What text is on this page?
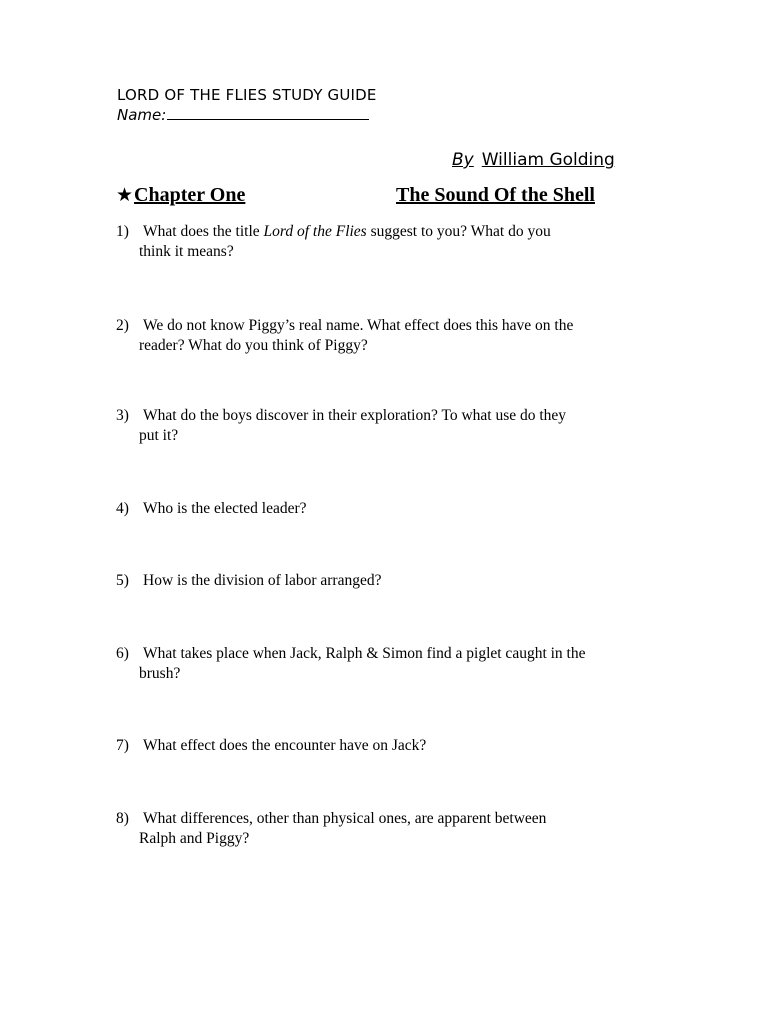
LORD OF THE FLIES STUDY GUIDE
Name:
By William Golding
★Chapter One	The Sound Of the Shell
1) What does the title Lord of the Flies suggest to you? What do you
think it means?
2) We do not know Piggy’s real name. What effect does this have on the
reader? What do you think of Piggy?
3) What do the boys discover in their exploration? To what use do they
put it?
4) Who is the elected leader?
5) How is the division of labor arranged?
6) What takes place when Jack, Ralph & Simon find a piglet caught in the
brush?
7) What effect does the encounter have on Jack?
8) What differences, other than physical ones, are apparent between
Ralph and Piggy?
